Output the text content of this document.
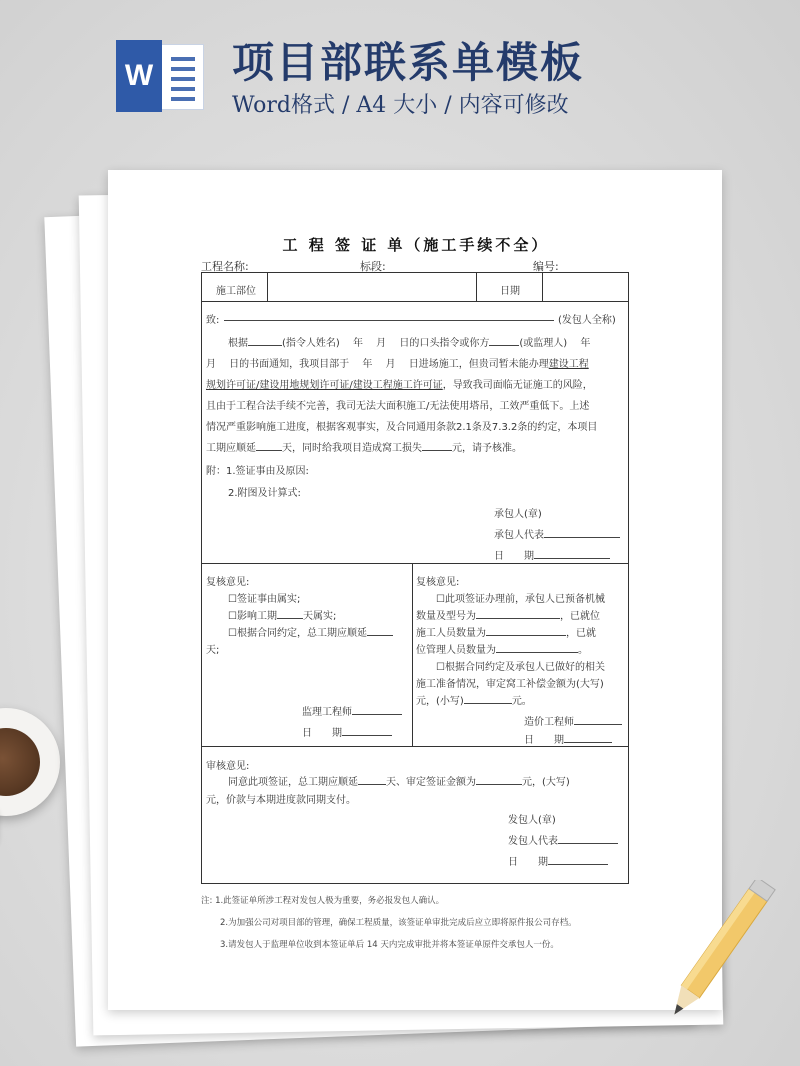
W 项目部联系单模板
Word格式 / A4 大小 / 内容可修改
工 程 签 证 单（施工手续不全）
工程名称:	标段:	编号:
施工部位	日期
致:	(发包人全称)
根据	(指令人姓名)　 年　 月　 日的口头指令或你方	(或监理人)　 年
月　 日的书面通知，我项目部于　 年　 月　 日进场施工，但贵司暂未能办理建设工程
规划许可证/建设用地规划许可证/建设工程施工许可证，导致我司面临无证施工的风险，
且由于工程合法手续不完善，我司无法大面积施工/无法使用塔吊，工效严重低下。上述
情况严重影响施工进度，根据客观事实，及合同通用条款2.1条及7.3.2条的约定，本项目
工期应顺延	天，同时给我项目造成窝工损失	元，请予核准。
附：1.签证事由及原因:
2.附图及计算式:
承包人(章)
承包人代表
日　　期
复核意见:
☐签证事由属实;
☐影响工期	天属实;
☐根据合同约定，总工期应顺延
天;
监理工程师
日　　期
复核意见:
☐此项签证办理前，承包人已预备机械
数量及型号为	，已就位
施工人员数量为	，已就
位管理人员数量为	。
☐根据合同约定及承包人已做好的相关
施工准备情况，审定窝工补偿金额为(大写)
元，(小写)	元。
造价工程师
日　　期
审核意见:
同意此项签证，总工期应顺延	天、审定签证金额为	元，(大写)
元，价款与本期进度款同期支付。
发包人(章)
发包人代表
日　　期
注: 1.此签证单所涉工程对发包人极为重要，务必报发包人确认。
2.为加强公司对项目部的管理，确保工程质量，该签证单审批完成后应立即将原件报公司存档。
3.请发包人于监理单位收到本签证单后 14 天内完成审批并将本签证单原件交承包人一份。
